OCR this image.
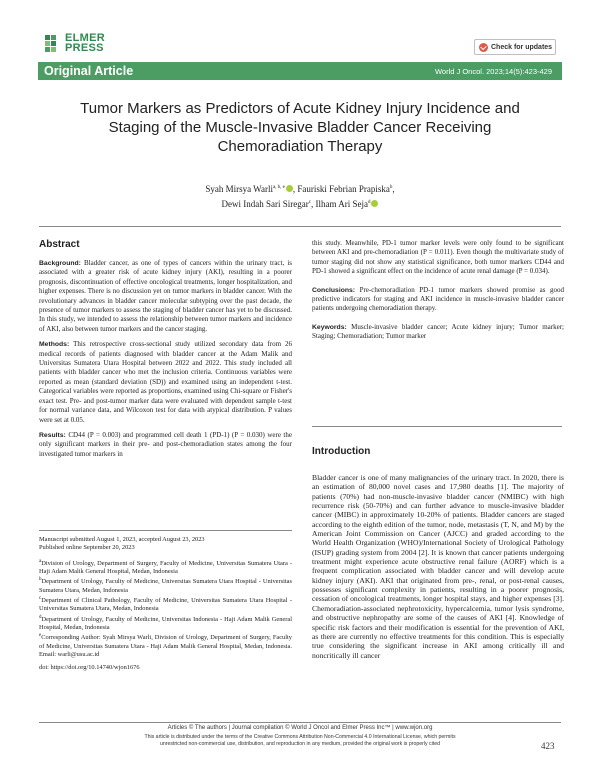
ELMER
PRESS	Check for updates
Original Article	World J Oncol. 2023;14(5):423-429
Tumor Markers as Predictors of Acute Kidney Injury Incidence and Staging of the Muscle-Invasive Bladder Cancer Receiving Chemoradiation Therapy
Syah Mirsya Warli$^{a, b, e}$ , Fauriski Febrian Prapiska$^b$,
Dewi Indah Sari Siregar$^c$, Ilham Ari Seja$^d$
Abstract

Background: Bladder cancer, as one of types of cancers within the urinary tract, is associated with a greater risk of acute kidney injury (AKI), resulting in a poorer prognosis, discontinuation of effective oncological treatments, longer hospitalization, and higher expenses. There is no discussion yet on tumor markers in bladder cancer. With the revolutionary advances in bladder cancer molecular subtyping over the past decade, the presence of tumor markers to assess the staging of bladder cancer has yet to be discussed. In this study, we intended to assess the relationship between tumor markers and incidence of AKI, also between tumor markers and the cancer staging.

Methods: This retrospective cross-sectional study utilized secondary data from 26 medical records of patients diagnosed with bladder cancer at the Adam Malik and Universitas Sumatera Utara Hospital between 2022 and 2022. This study included all patients with bladder cancer who met the inclusion criteria. Continuous variables were reported as mean (standard deviation (SD)) and examined using an independent t-test. Categorical variables were reported as proportions, examined using Chi-square or Fisher's exact test. Pre- and post-tumor marker data were evaluated with dependent sample t-test for normal variance data, and Wilcoxon test for data with atypical distribution. P values were set at 0.05.

Results: CD44 (P = 0.003) and programmed cell death 1 (PD-1) (P = 0.030) were the only significant markers in their pre- and post-chemoradiation states among the four investigated tumor markers in

Manuscript submitted August 1, 2023, accepted August 23, 2023
Published online September 20, 2023
$^a$Division of Urology, Department of Surgery, Faculty of Medicine, Universitas Sumatera Utara - Haji Adam Malik General Hospital, Medan, Indonesia
$^b$Department of Urology, Faculty of Medicine, Universitas Sumatera Utara Hospital - Universitas Sumatera Utara, Medan, Indonesia
$^c$Department of Clinical Pathology, Faculty of Medicine, Universitas Sumatera Utara Hospital - Universitas Sumatera Utara, Medan, Indonesia
$^d$Department of Urology, Faculty of Medicine, Universitas Indonesia - Haji Adam Malik General Hospital, Medan, Indonesia
$^e$Corresponding Author: Syah Mirsya Warli, Division of Urology, Department of Surgery, Faculty of Medicine, Universitas Sumatera Utara - Haji Adam Malik General Hospital, Medan, Indonesia. Email: warli@usu.ac.id
doi: https://doi.org/10.14740/wjon1676

this study. Meanwhile, PD-1 tumor marker levels were only found to be significant between AKI and pre-chemoradiation (P = 0.011). Even though the multivariate study of tumor staging did not show any statistical significance, both tumor markers CD44 and PD-1 showed a significant effect on the incidence of acute renal damage (P = 0.034).

Conclusions: Pre-chemoradiation PD-1 tumor markers showed promise as good predictive indicators for staging and AKI incidence in muscle-invasive bladder cancer patients undergoing chemoradiation therapy.

Keywords: Muscle-invasive bladder cancer; Acute kidney injury; Tumor marker; Staging; Chemoradiation; Tumor marker

Introduction
Bladder cancer is one of many malignancies of the urinary tract. In 2020, there is an estimation of 80,000 novel cases and 17,980 deaths [1]. The majority of patients (70%) had non-muscle-invasive bladder cancer (NMIBC) with high recurrence risk (50-70%) and can further advance to muscle-invasive bladder cancer (MIBC) in approximately 10-20% of patients. Bladder cancers are staged according to the eighth edition of the tumor, node, metastasis (T, N, and M) by the American Joint Commission on Cancer (AJCC) and graded according to the World Health Organization (WHO)/International Society of Urological Pathology (ISUP) grading system from 2004 [2]. It is known that cancer patients undergoing treatment might experience acute obstructive renal failure (AORF) which is a frequent complication associated with bladder cancer and will develop acute kidney injury (AKI). AKI that originated from pre-, renal, or post-renal causes, possesses significant complexity in patients, resulting in a poorer prognosis, cessation of oncological treatments, longer hospital stays, and higher expenses [3]. Chemoradiation-associated nephrotoxicity, hypercalcemia, tumor lysis syndrome, and obstructive nephropathy are some of the causes of AKI [4]. Knowledge of specific risk factors and their modification is essential for the prevention of AKI, as there are currently no effective treatments for this condition. This is especially true considering the significant increase in AKI among critically ill and noncritically ill cancer
Articles © The authors | Journal compilation © World J Oncol and Elmer Press Inc™ | www.wjon.org
This article is distributed under the terms of the Creative Commons Attribution Non-Commercial 4.0 International License, which permits
unrestricted non-commercial use, distribution, and reproduction in any medium, provided the original work is properly cited	423
